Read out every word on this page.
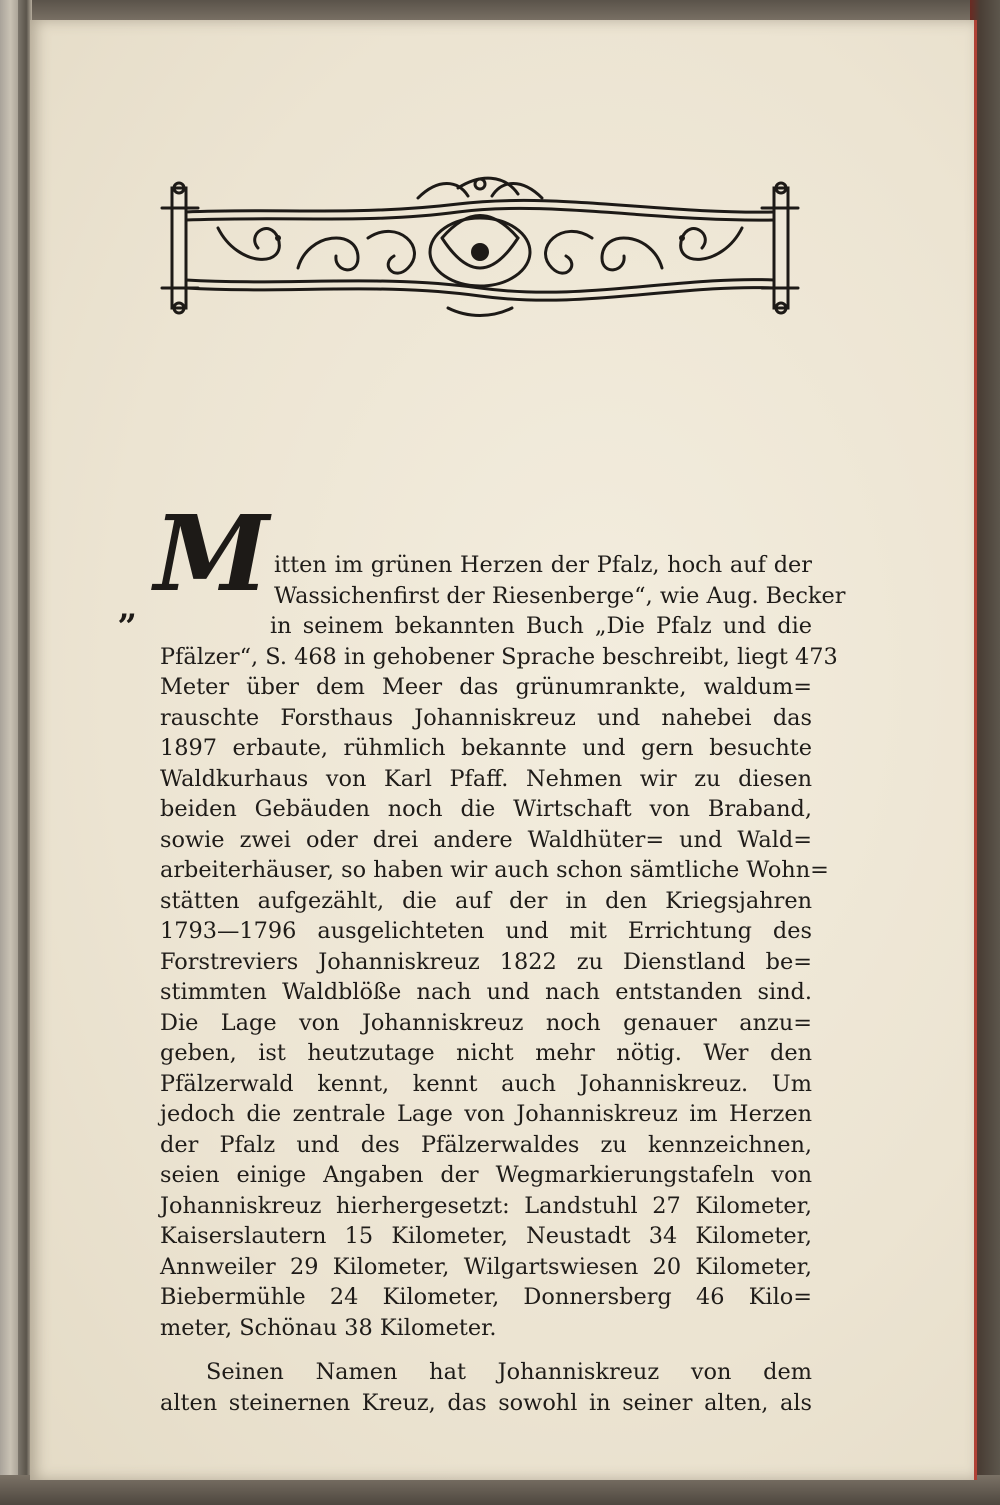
M
„
itten im grünen Herzen der Pfalz, hoch auf der
Wassichenfirst der Riesenberge“, wie Aug. Becker
in seinem bekannten Buch „Die Pfalz und die
Pfälzer“, S. 468 in gehobener Sprache beschreibt, liegt 473
Meter über dem Meer das grünumrankte, waldum=
rauschte Forsthaus Johanniskreuz und nahebei das
1897 erbaute, rühmlich bekannte und gern besuchte
Waldkurhaus von Karl Pfaff. Nehmen wir zu diesen
beiden Gebäuden noch die Wirtschaft von Braband,
sowie zwei oder drei andere Waldhüter= und Wald=
arbeiterhäuser, so haben wir auch schon sämtliche Wohn=
stätten aufgezählt, die auf der in den Kriegsjahren
1793—1796 ausgelichteten und mit Errichtung des
Forstreviers Johanniskreuz 1822 zu Dienstland be=
stimmten Waldblöße nach und nach entstanden sind.
Die Lage von Johanniskreuz noch genauer anzu=
geben, ist heutzutage nicht mehr nötig. Wer den
Pfälzerwald kennt, kennt auch Johanniskreuz. Um
jedoch die zentrale Lage von Johanniskreuz im Herzen
der Pfalz und des Pfälzerwaldes zu kennzeichnen,
seien einige Angaben der Wegmarkierungstafeln von
Johanniskreuz hierhergesetzt: Landstuhl 27 Kilometer,
Kaiserslautern 15 Kilometer, Neustadt 34 Kilometer,
Annweiler 29 Kilometer, Wilgartswiesen 20 Kilometer,
Biebermühle 24 Kilometer, Donnersberg 46 Kilo=
meter, Schönau 38 Kilometer.
Seinen Namen hat Johanniskreuz von dem
alten steinernen Kreuz, das sowohl in seiner alten, als
